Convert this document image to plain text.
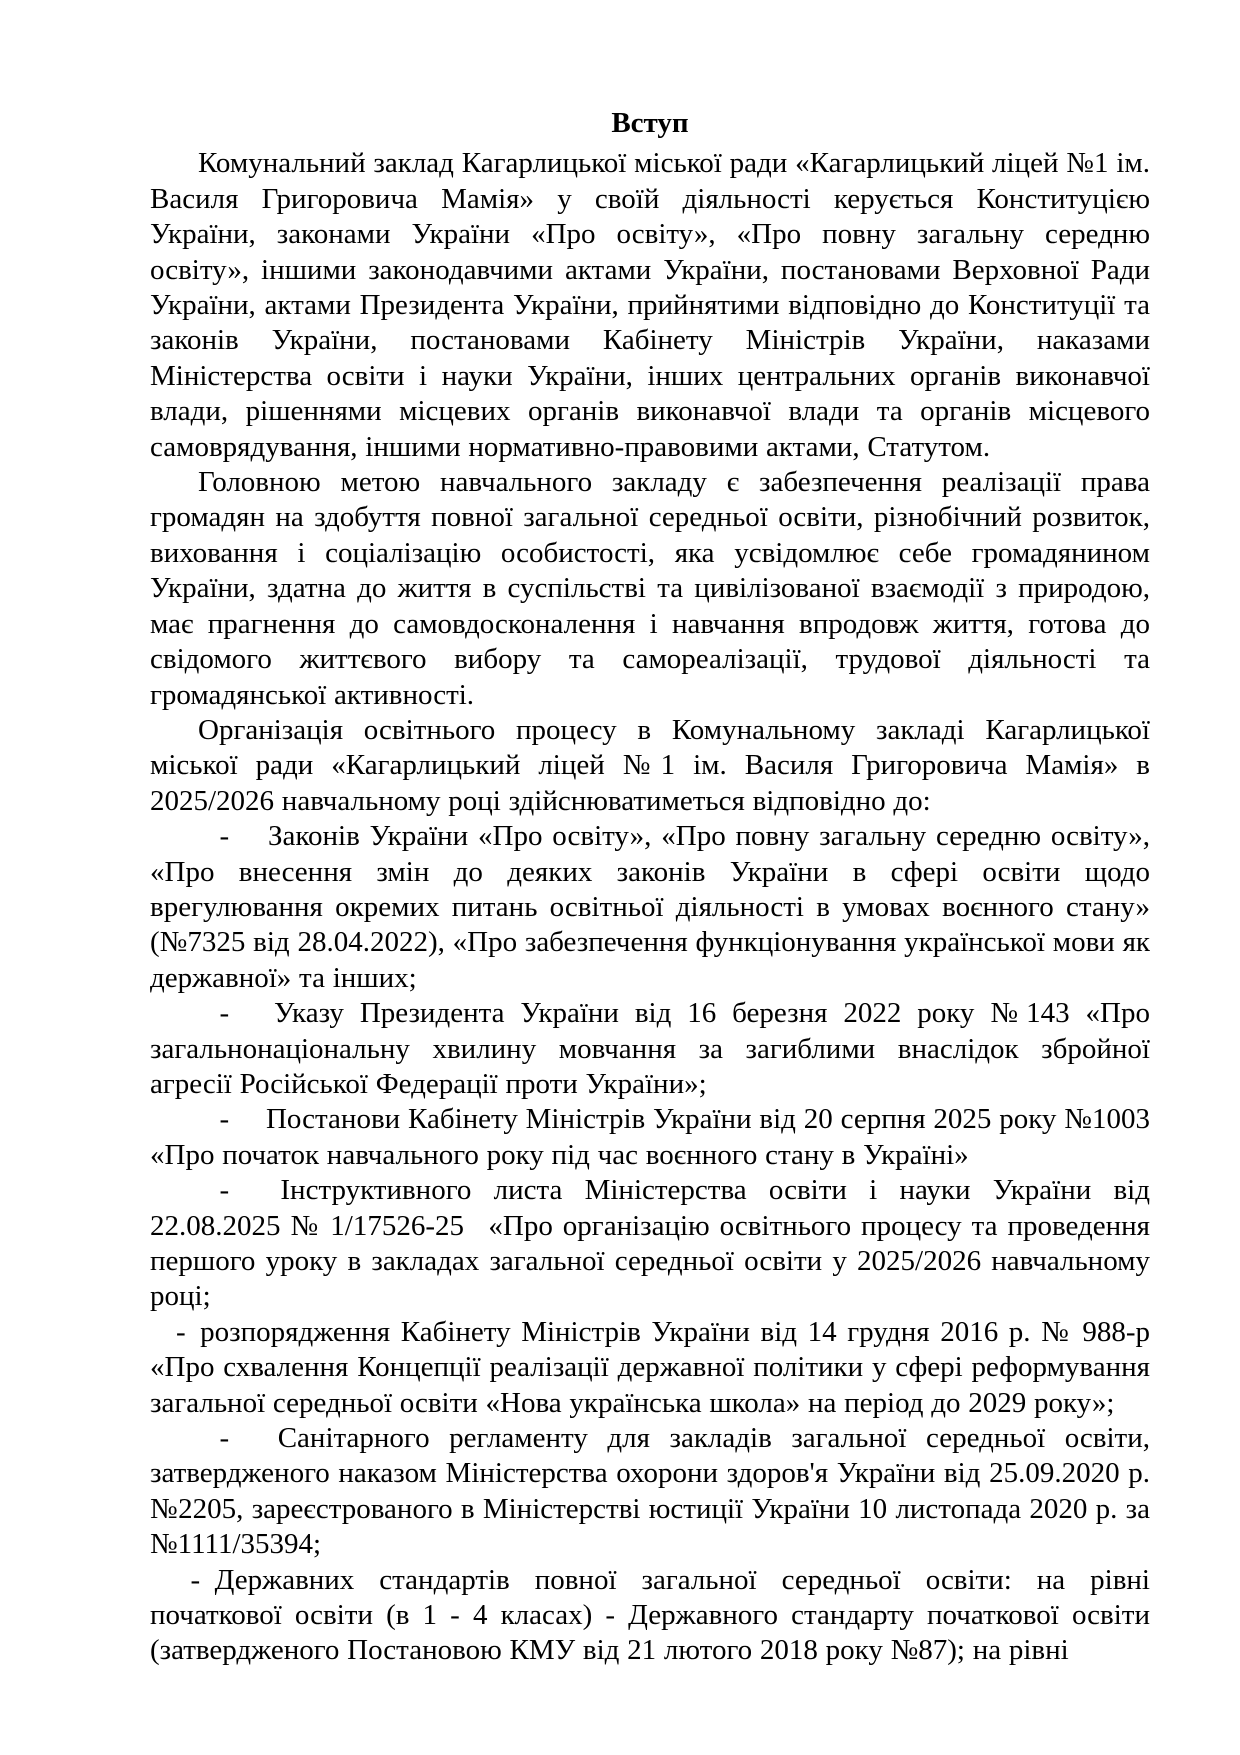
Вступ

Комунальний заклад Кагарлицької міської ради «Кагарлицький ліцей №1 ім. Василя Григоровича Мамія» у своїй діяльності керується Конституцією України, законами України «Про освіту», «Про повну загальну середню освіту», іншими законодавчими актами України, постановами Верховної Ради України, актами Президента України, прийнятими відповідно до Конституції та законів України, постановами Кабінету Міністрів України, наказами Міністерства освіти і науки України, інших центральних органів виконавчої влади, рішеннями місцевих органів виконавчої влади та органів місцевого самоврядування, іншими нормативно-правовими актами, Статутом.

Головною метою навчального закладу є забезпечення реалізації права громадян на здобуття повної загальної середньої освіти, різнобічний розвиток, виховання і соціалізацію особистості, яка усвідомлює себе громадянином України, здатна до життя в суспільстві та цивілізованої взаємодії з природою, має прагнення до самовдосконалення і навчання впродовж життя, готова до свідомого життєвого вибору та самореалізації, трудової діяльності та громадянської активності.

Організація освітнього процесу в Комунальному закладі Кагарлицької міської ради «Кагарлицький ліцей №1 ім. Василя Григоровича Мамія» в 2025/2026 навчальному році здійснюватиметься відповідно до:

  -  Законів України «Про освіту», «Про повну загальну середню освіту», «Про внесення змін до деяких законів України в сфері освіти щодо врегулювання окремих питань освітньої діяльності в умовах воєнного стану» (№7325 від 28.04.2022), «Про забезпечення функціонування української мови як державної» та інших;

  -  Указу Президента України від 16 березня 2022 року №143 «Про загальнонаціональну хвилину мовчання за загиблими внаслідок збройної агресії Російської Федерації проти України»;

  -  Постанови Кабінету Міністрів України від 20 серпня 2025 року №1003 «Про початок навчального року під час воєнного стану в Україні»

  -  Інструктивного листа Міністерства освіти і науки України від 22.08.2025 № 1/17526-25  «Про організацію освітнього процесу та проведення першого уроку в закладах загальної середньої освіти у 2025/2026 навчальному році;

- розпорядження Кабінету Міністрів України від 14 грудня 2016 р. № 988-р «Про схвалення Концепції реалізації державної політики у сфері реформування загальної середньої освіти «Нова українська школа» на період до 2029 року»;

  -  Санітарного регламенту для закладів загальної середньої освіти, затвердженого наказом Міністерства охорони здоров'я України від 25.09.2020 р. №2205, зареєстрованого в Міністерстві юстиції України 10 листопада 2020 р. за №1111/35394;

 - Державних стандартів повної загальної середньої освіти: на рівні початкової освіти (в 1 - 4 класах) - Державного стандарту початкової освіти (затвердженого Постановою КМУ від 21 лютого 2018 року №87); на рівні
